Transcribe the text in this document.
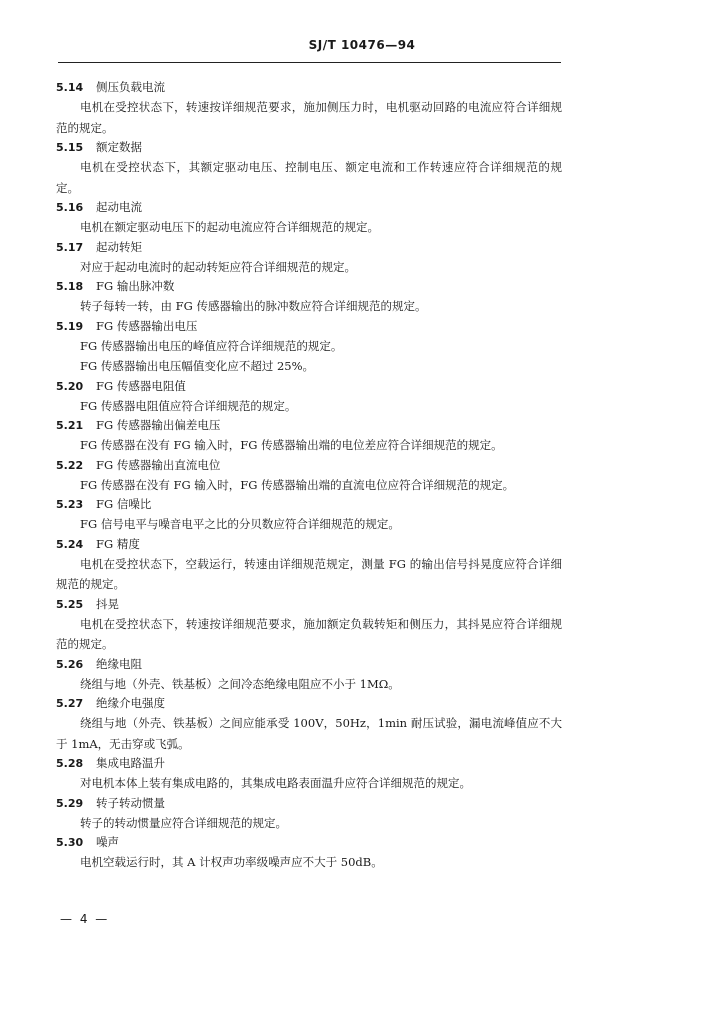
SJ/T 10476—94
5.14 侧压负载电流

电机在受控状态下，转速按详细规范要求，施加侧压力时，电机驱动回路的电流应符合详细规范的规定。

5.15 额定数据

电机在受控状态下，其额定驱动电压、控制电压、额定电流和工作转速应符合详细规范的规定。

5.16 起动电流

电机在额定驱动电压下的起动电流应符合详细规范的规定。

5.17 起动转矩

对应于起动电流时的起动转矩应符合详细规范的规定。

5.18 FG 输出脉冲数

转子每转一转，由 FG 传感器输出的脉冲数应符合详细规范的规定。

5.19 FG 传感器输出电压

FG 传感器输出电压的峰值应符合详细规范的规定。

FG 传感器输出电压幅值变化应不超过 25%。

5.20 FG 传感器电阻值

FG 传感器电阻值应符合详细规范的规定。

5.21 FG 传感器输出偏差电压

FG 传感器在没有 FG 输入时，FG 传感器输出端的电位差应符合详细规范的规定。

5.22 FG 传感器输出直流电位

FG 传感器在没有 FG 输入时，FG 传感器输出端的直流电位应符合详细规范的规定。

5.23 FG 信噪比

FG 信号电平与噪音电平之比的分贝数应符合详细规范的规定。

5.24 FG 精度

电机在受控状态下，空载运行，转速由详细规范规定，测量 FG 的输出信号抖晃度应符合详细规范的规定。

5.25 抖晃

电机在受控状态下，转速按详细规范要求，施加额定负载转矩和侧压力，其抖晃应符合详细规范的规定。

5.26 绝缘电阻

绕组与地（外壳、铁基板）之间冷态绝缘电阻应不小于 1MΩ。

5.27 绝缘介电强度

绕组与地（外壳、铁基板）之间应能承受 100V，50Hz，1min 耐压试验，漏电流峰值应不大于 1mA，无击穿或飞弧。

5.28 集成电路温升

对电机本体上装有集成电路的，其集成电路表面温升应符合详细规范的规定。

5.29 转子转动惯量

转子的转动惯量应符合详细规范的规定。

5.30 噪声

电机空载运行时，其 A 计权声功率级噪声应不大于 50dB。

— 4 —
